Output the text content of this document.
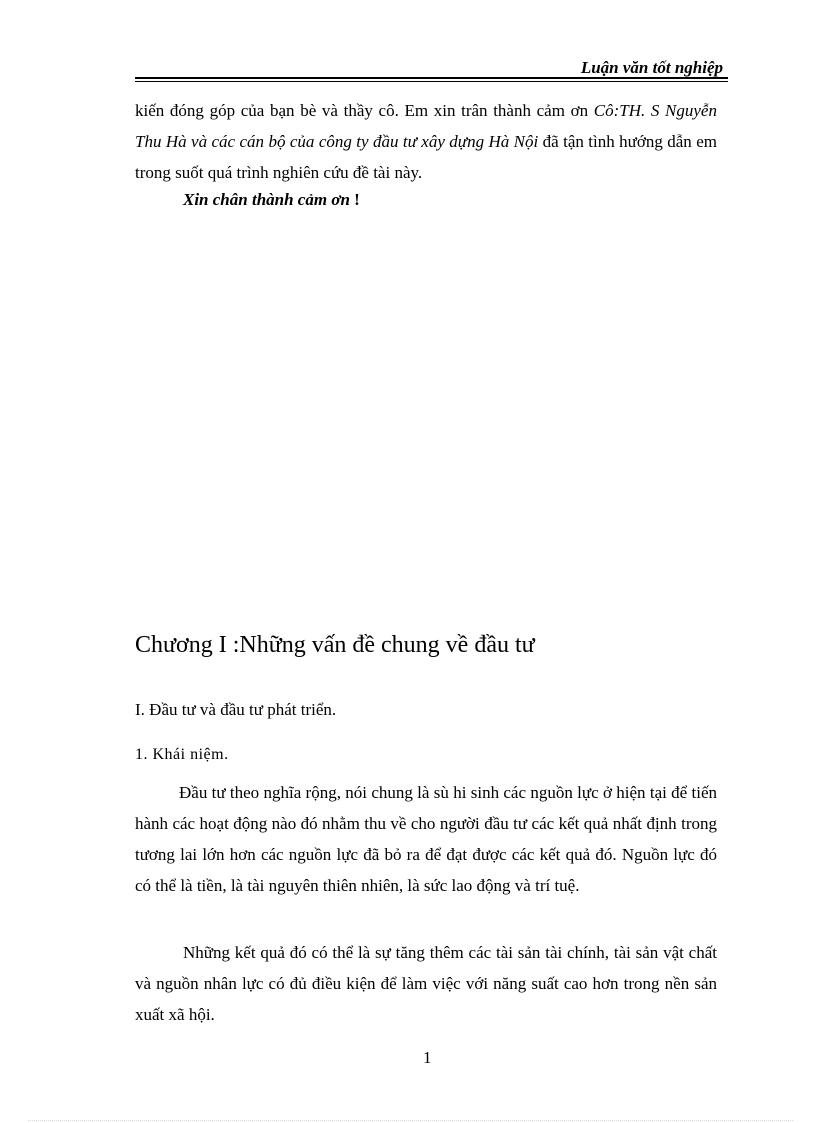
Luận văn tốt nghiệp
kiến đóng góp của bạn bè và thầy cô. Em xin trân thành cảm ơn Cô:TH. S Nguyễn Thu Hà và các cán bộ của công ty đầu tư xây dựng Hà Nội đã tận tình hướng dẫn em trong suốt quá trình nghiên cứu đề tài này.
Xin chân thành cảm ơn !
Chương I :Những vấn đề chung về đầu tư
I. Đầu tư và đầu tư phát triển.
1. Khái niệm.
Đầu tư theo nghĩa rộng, nói chung là sù hi sinh các nguồn lực ở hiện tại để tiến hành các hoạt động nào đó nhằm thu về cho người đầu tư các kết quả nhất định trong tương lai lớn hơn các nguồn lực đã bỏ ra để đạt được các kết quả đó. Nguồn lực đó có thể là tiền, là tài nguyên thiên nhiên, là sức lao động và trí tuệ.
Những kết quả đó có thể là sự tăng thêm các tài sản tài chính, tài sản vật chất và nguồn nhân lực có đủ điều kiện để làm việc với năng suất cao hơn trong nền sản xuất xã hội.
1
